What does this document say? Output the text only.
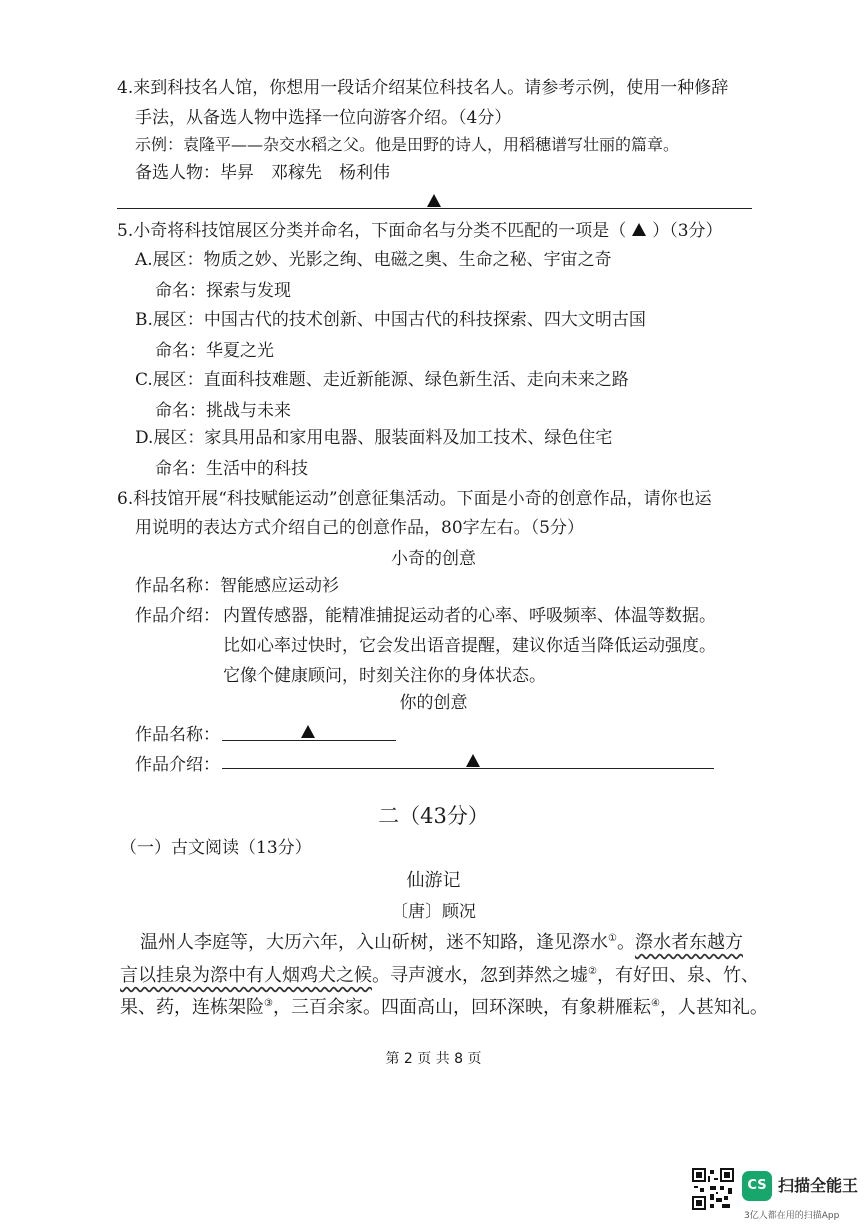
4.来到科技名人馆，你想用一段话介绍某位科技名人。请参考示例，使用一种修辞
手法，从备选人物中选择一位向游客介绍。（4分）
示例：袁隆平——杂交水稻之父。他是田野的诗人，用稻穗谱写壮丽的篇章。
备选人物：毕昇　邓稼先　杨利伟
5.小奇将科技馆展区分类并命名，下面命名与分类不匹配的一项是（ ）（3分）
A.展区：物质之妙、光影之绚、电磁之奥、生命之秘、宇宙之奇
命名：探索与发现
B.展区：中国古代的技术创新、中国古代的科技探索、四大文明古国
命名：华夏之光
C.展区：直面科技难题、走近新能源、绿色新生活、走向未来之路
命名：挑战与未来
D.展区：家具用品和家用电器、服装面料及加工技术、绿色住宅
命名：生活中的科技
6.科技馆开展“科技赋能运动”创意征集活动。下面是小奇的创意作品，请你也运
用说明的表达方式介绍自己的创意作品，80字左右。（5分）
小奇的创意
作品名称：智能感应运动衫
作品介绍： 内置传感器，能精准捕捉运动者的心率、呼吸频率、体温等数据。
比如心率过快时，它会发出语音提醒，建议你适当降低运动强度。
它像个健康顾问，时刻关注你的身体状态。
你的创意
作品名称：
作品介绍：
二（43分）
（一）古文阅读（13分）
仙游记
〔唐〕顾况
温州人李庭等，大历六年，入山斫树，迷不知路，逢见漈水①。漈水者东越方
言以挂泉为漈中有人烟鸡犬之候。寻声渡水，忽到莽然之墟②，有好田、泉、竹、
果、药，连栋架险③，三百余家。四面高山，回环深映，有象耕雁耘④，人甚知礼。
第 2 页 共 8 页
CS 扫描全能王
3亿人都在用的扫描App
